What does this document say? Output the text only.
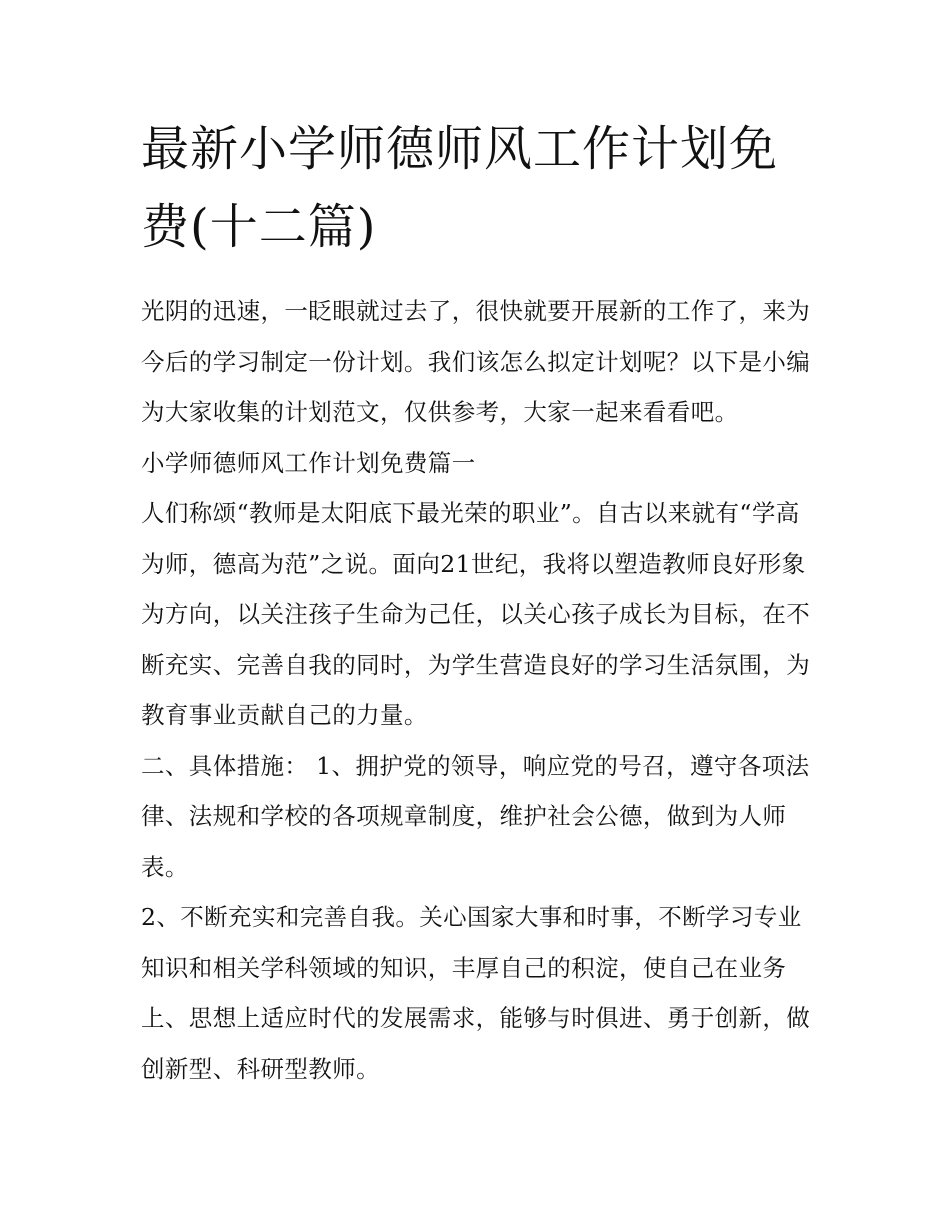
最新小学师德师风工作计划免费(十二篇)

光阴的迅速，一眨眼就过去了，很快就要开展新的工作了，来为今后的学习制定一份计划。我们该怎么拟定计划呢？以下是小编为大家收集的计划范文，仅供参考，大家一起来看看吧。

小学师德师风工作计划免费篇一

人们称颂“教师是太阳底下最光荣的职业”。自古以来就有“学高为师，德高为范”之说。面向21世纪，我将以塑造教师良好形象为方向，以关注孩子生命为己任，以关心孩子成长为目标，在不断充实、完善自我的同时，为学生营造良好的学习生活氛围，为教育事业贡献自己的力量。

二、具体措施： 1、拥护党的领导，响应党的号召，遵守各项法律、法规和学校的各项规章制度，维护社会公德，做到为人师表。

2、不断充实和完善自我。关心国家大事和时事，不断学习专业知识和相关学科领域的知识，丰厚自己的积淀，使自己在业务上、思想上适应时代的发展需求，能够与时俱进、勇于创新，做创新型、科研型教师。
